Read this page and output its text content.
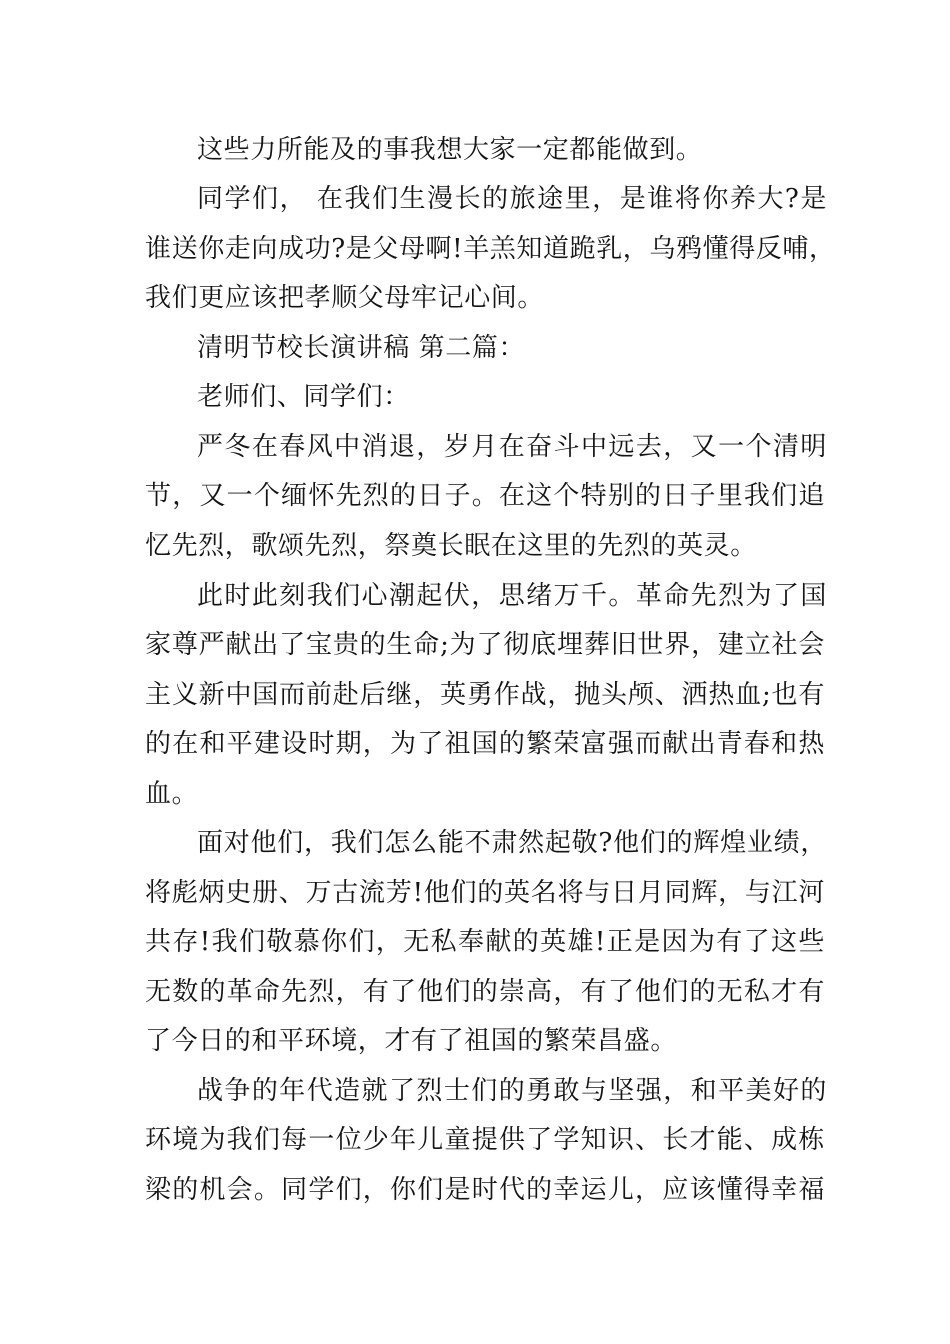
这些力所能及的事我想大家一定都能做到。
同学们， 在我们生漫长的旅途里，是谁将你养大?是
谁送你走向成功?是父母啊!羊羔知道跪乳，乌鸦懂得反哺，
我们更应该把孝顺父母牢记心间。
清明节校长演讲稿 第二篇：
老师们、同学们：
严冬在春风中消退，岁月在奋斗中远去，又一个清明
节，又一个缅怀先烈的日子。在这个特别的日子里我们追
忆先烈，歌颂先烈，祭奠长眠在这里的先烈的英灵。
此时此刻我们心潮起伏，思绪万千。革命先烈为了国
家尊严献出了宝贵的生命;为了彻底埋葬旧世界，建立社会
主义新中国而前赴后继，英勇作战，抛头颅、洒热血;也有
的在和平建设时期，为了祖国的繁荣富强而献出青春和热
血。
面对他们，我们怎么能不肃然起敬?他们的辉煌业绩，
将彪炳史册、万古流芳!他们的英名将与日月同辉，与江河
共存!我们敬慕你们，无私奉献的英雄!正是因为有了这些
无数的革命先烈，有了他们的崇高，有了他们的无私才有
了今日的和平环境，才有了祖国的繁荣昌盛。
战争的年代造就了烈士们的勇敢与坚强，和平美好的
环境为我们每一位少年儿童提供了学知识、长才能、成栋
梁的机会。同学们，你们是时代的幸运儿，应该懂得幸福
